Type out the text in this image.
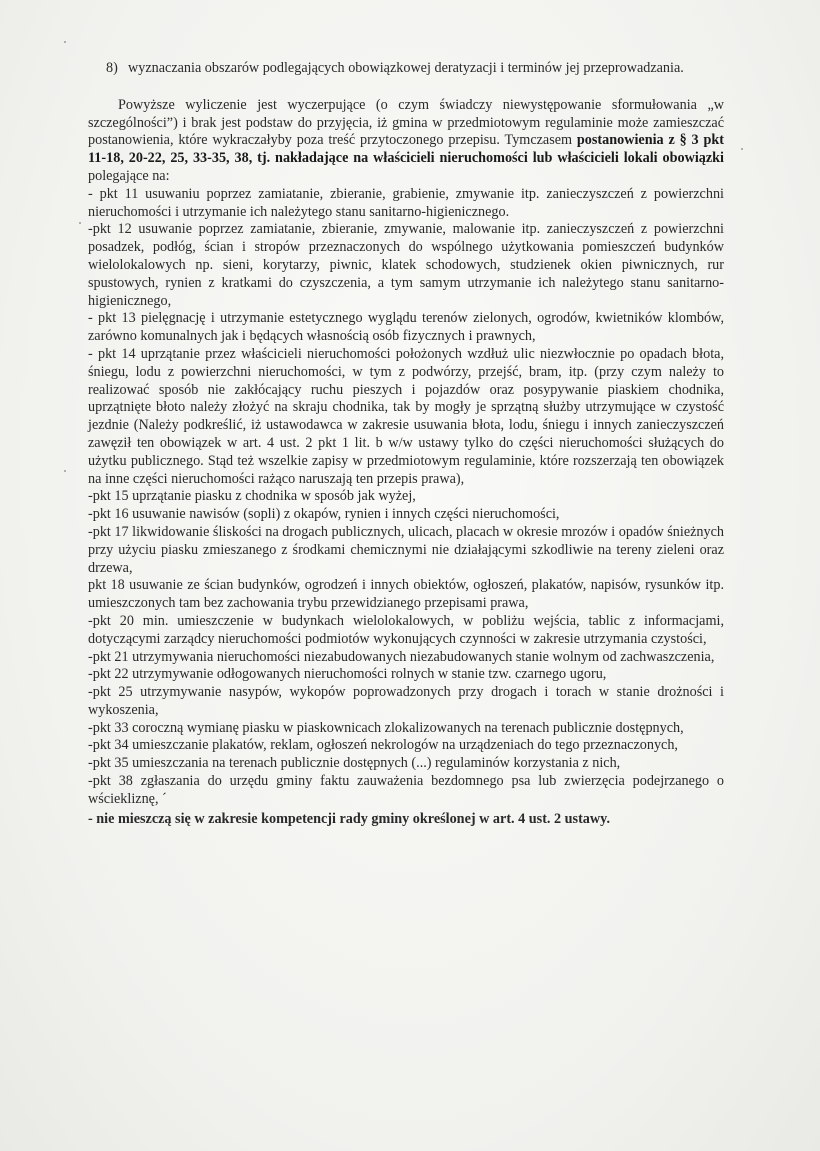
8) wyznaczania obszarów podlegających obowiązkowej deratyzacji i terminów jej przeprowadzania.

Powyższe wyliczenie jest wyczerpujące (o czym świadczy niewystępowanie sformułowania „w szczególności”) i brak jest podstaw do przyjęcia, iż gmina w przedmiotowym regulaminie może zamieszczać postanowienia, które wykraczałyby poza treść przytoczonego przepisu. Tymczasem postanowienia z § 3 pkt 11-18, 20-22, 25, 33-35, 38, tj. nakładające na właścicieli nieruchomości lub właścicieli lokali obowiązki polegające na:

- pkt 11 usuwaniu poprzez zamiatanie, zbieranie, grabienie, zmywanie itp. zanieczyszczeń z powierzchni nieruchomości i utrzymanie ich należytego stanu sanitarno-higienicznego.

-pkt 12 usuwanie poprzez zamiatanie, zbieranie, zmywanie, malowanie itp. zanieczyszczeń z powierzchni posadzek, podłóg, ścian i stropów przeznaczonych do wspólnego użytkowania pomieszczeń budynków wielolokalowych np. sieni, korytarzy, piwnic, klatek schodowych, studzienek okien piwnicznych, rur spustowych, rynien z kratkami do czyszczenia, a tym samym utrzymanie ich należytego stanu sanitarno-higienicznego,

- pkt 13 pielęgnację i utrzymanie estetycznego wyglądu terenów zielonych, ogrodów, kwietników klombów, zarówno komunalnych jak i będących własnością osób fizycznych i prawnych,

- pkt 14 uprzątanie przez właścicieli nieruchomości położonych wzdłuż ulic niezwłocznie po opadach błota, śniegu, lodu z powierzchni nieruchomości, w tym z podwórzy, przejść, bram, itp. (przy czym należy to realizować sposób nie zakłócający ruchu pieszych i pojazdów oraz posypywanie piaskiem chodnika, uprzątnięte błoto należy złożyć na skraju chodnika, tak by mogły je sprzątną służby utrzymujące w czystość jezdnie (Należy podkreślić, iż ustawodawca w zakresie usuwania błota, lodu, śniegu i innych zanieczyszczeń zawęził ten obowiązek w art. 4 ust. 2 pkt 1 lit. b w/w ustawy tylko do części nieruchomości służących do użytku publicznego. Stąd też wszelkie zapisy w przedmiotowym regulaminie, które rozszerzają ten obowiązek na inne części nieruchomości rażąco naruszają ten przepis prawa),

-pkt 15 uprzątanie piasku z chodnika w sposób jak wyżej,

-pkt 16 usuwanie nawisów (sopli) z okapów, rynien i innych części nieruchomości,

-pkt 17 likwidowanie śliskości na drogach publicznych, ulicach, placach w okresie mrozów i opadów śnieżnych przy użyciu piasku zmieszanego z środkami chemicznymi nie działającymi szkodliwie na tereny zieleni oraz drzewa,

pkt 18 usuwanie ze ścian budynków, ogrodzeń i innych obiektów, ogłoszeń, plakatów, napisów, rysunków itp. umieszczonych tam bez zachowania trybu przewidzianego przepisami prawa,

-pkt 20 min. umieszczenie w budynkach wielolokalowych, w pobliżu wejścia, tablic z informacjami, dotyczącymi zarządcy nieruchomości podmiotów wykonujących czynności w zakresie utrzymania czystości,

-pkt 21 utrzymywania nieruchomości niezabudowanych niezabudowanych stanie wolnym od zachwaszczenia,

-pkt 22 utrzymywanie odłogowanych nieruchomości rolnych w stanie tzw. czarnego ugoru,

-pkt 25 utrzymywanie nasypów, wykopów poprowadzonych przy drogach i torach w stanie drożności i wykoszenia,

-pkt 33 coroczną wymianę piasku w piaskownicach zlokalizowanych na terenach publicznie dostępnych,

-pkt 34 umieszczanie plakatów, reklam, ogłoszeń nekrologów na urządzeniach do tego przeznaczonych,

-pkt 35 umieszczania na terenach publicznie dostępnych (...) regulaminów korzystania z nich,

-pkt 38 zgłaszania do urzędu gminy faktu zauważenia bezdomnego psa lub zwierzęcia podejrzanego o wściekliznę, ´

- nie mieszczą się w zakresie kompetencji rady gminy określonej w art. 4 ust. 2 ustawy.
